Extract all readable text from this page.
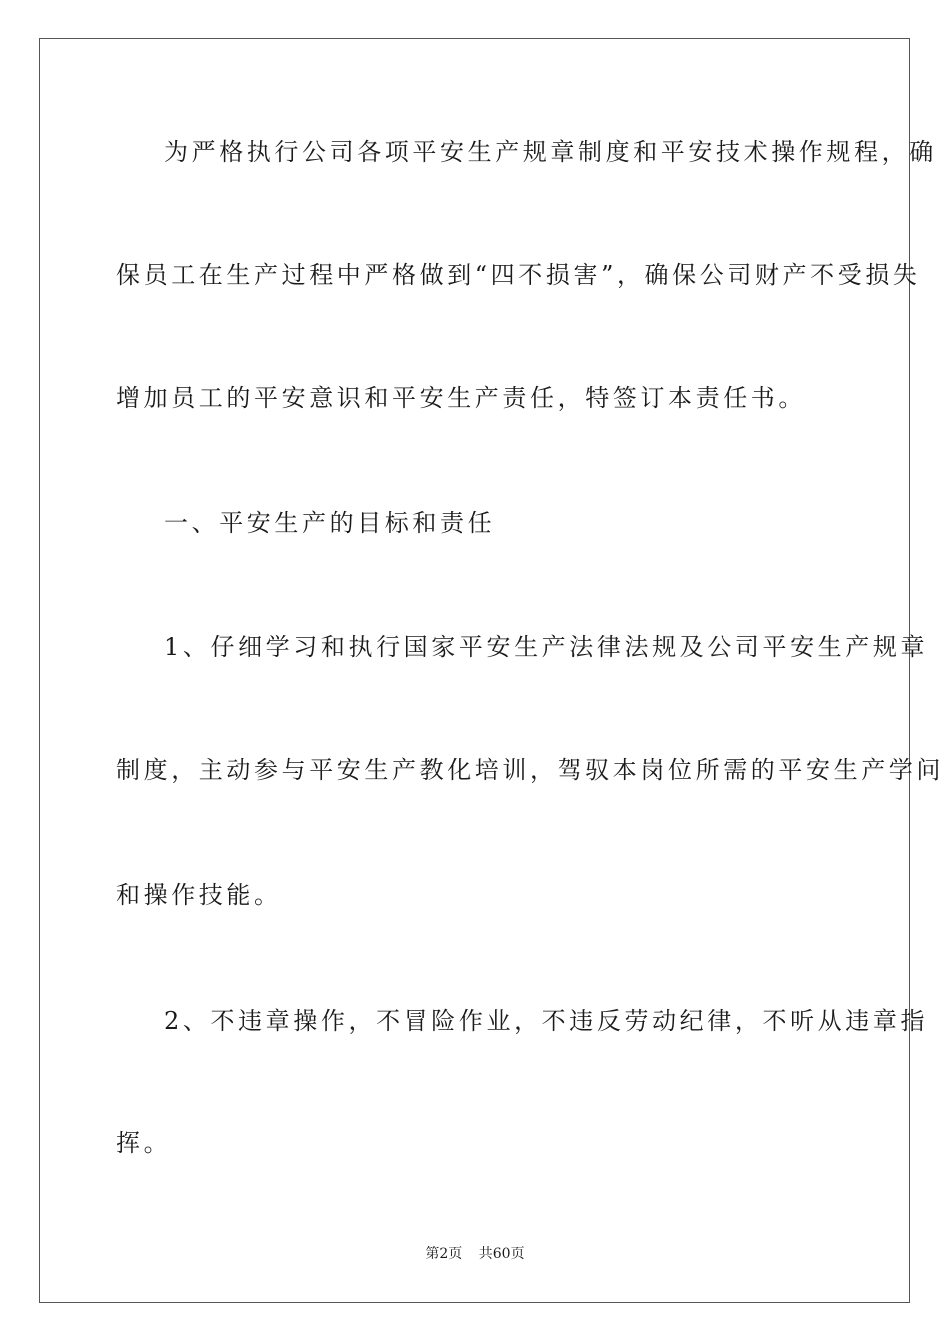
为严格执行公司各项平安生产规章制度和平安技术操作规程，确
保员工在生产过程中严格做到“四不损害”，确保公司财产不受损失
增加员工的平安意识和平安生产责任，特签订本责任书。
一、平安生产的目标和责任
1、仔细学习和执行国家平安生产法律法规及公司平安生产规章
制度，主动参与平安生产教化培训，驾驭本岗位所需的平安生产学问
和操作技能。
2、不违章操作，不冒险作业，不违反劳动纪律，不听从违章指
挥。
第2页 共60页
